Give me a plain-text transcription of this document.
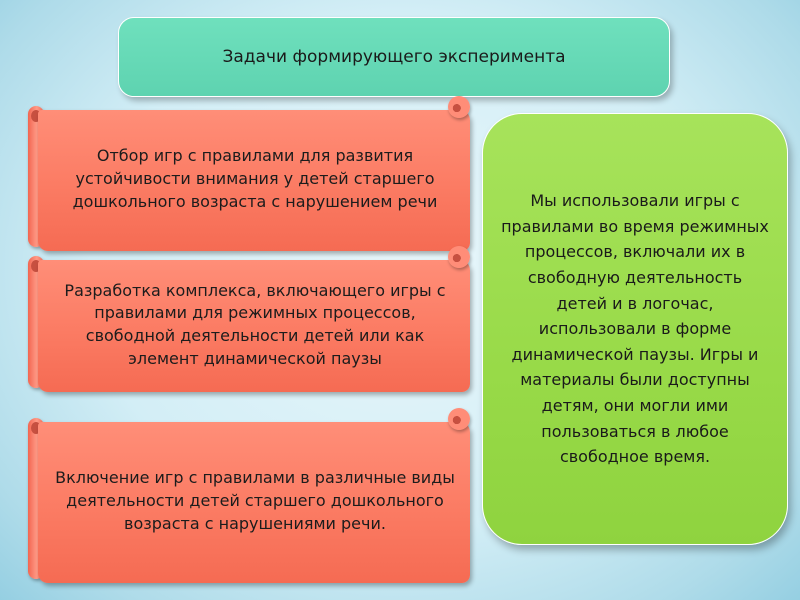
Задачи формирующего эксперимента
Отбор игр с правилами для развития устойчивости внимания у детей старшего дошкольного возраста с нарушением речи
Разработка комплекса, включающего игры с правилами для режимных процессов, свободной деятельности детей или как элемент динамической паузы
Включение игр с правилами в различные виды деятельности детей старшего дошкольного возраста с нарушениями речи.
Мы использовали игры с правилами во время режимных процессов, включали их в свободную деятельность детей и в логочас, использовали в форме динамической паузы. Игры и материалы были доступны детям, они могли ими пользоваться в любое свободное время.
